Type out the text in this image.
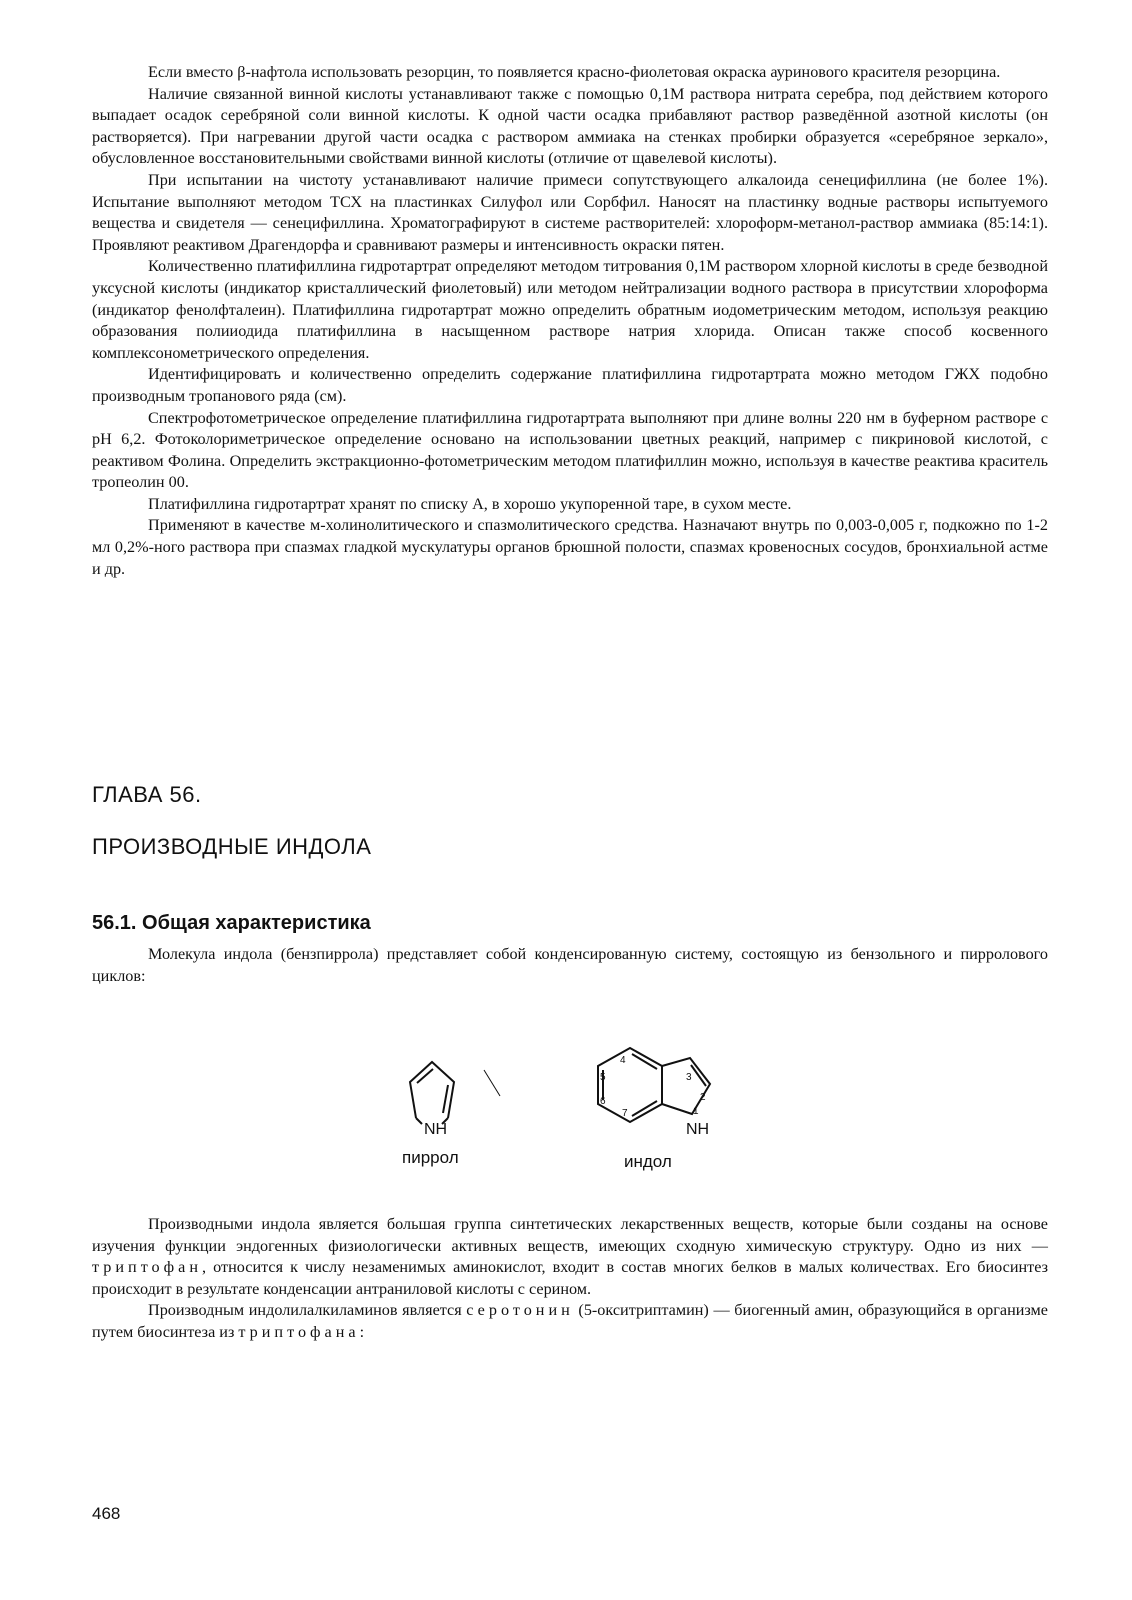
Если вместо β-нафтола использовать резорцин, то появляется красно-фиолетовая окраска ауринового красителя резорцина.

Наличие связанной винной кислоты устанавливают также с помощью 0,1М раствора нитрата серебра, под действием которого выпадает осадок серебряной соли винной кислоты. К одной части осадка прибавляют раствор разведённой азотной кислоты (он растворяется). При нагревании другой части осадка с раствором аммиака на стенках пробирки образуется «серебряное зеркало», обусловленное восстановительными свойствами винной кислоты (отличие от щавелевой кислоты).

При испытании на чистоту устанавливают наличие примеси сопутствующего алкалоида сенецифиллина (не более 1%). Испытание выполняют методом ТСХ на пластинках Силуфол или Сорбфил. Наносят на пластинку водные растворы испытуемого вещества и свидетеля — сенецифиллина. Хроматографируют в системе растворителей: хлороформ-метанол-раствор аммиака (85:14:1). Проявляют реактивом Драгендорфа и сравнивают размеры и интенсивность окраски пятен.

Количественно платифиллина гидротартрат определяют методом титрования 0,1М раствором хлорной кислоты в среде безводной уксусной кислоты (индикатор кристаллический фиолетовый) или методом нейтрализации водного раствора в присутствии хлороформа (индикатор фенолфталеин). Платифиллина гидротартрат можно определить обратным иодометрическим методом, используя реакцию образования полииодида платифиллина в насыщенном растворе натрия хлорида. Описан также способ косвенного комплексонометрического определения.

Идентифицировать и количественно определить содержание платифиллина гидротартрата можно методом ГЖХ подобно производным тропанового ряда (см).

Спектрофотометрическое определение платифиллина гидротартрата выполняют при длине волны 220 нм в буферном растворе с pH 6,2. Фотоколориметрическое определение основано на использовании цветных реакций, например с пикриновой кислотой, с реактивом Фолина. Определить экстракционно-фотометрическим методом платифиллин можно, используя в качестве реактива краситель тропеолин 00.

Платифиллина гидротартрат хранят по списку А, в хорошо укупоренной таре, в сухом месте.

Применяют в качестве м-холинолитического и спазмолитического средства. Назначают внутрь по 0,003-0,005 г, подкожно по 1-2 мл 0,2%-ного раствора при спазмах гладкой мускулатуры органов брюшной полости, спазмах кровеносных сосудов, бронхиальной астме и др.

ГЛАВА 56.
ПРОИЗВОДНЫЕ ИНДОЛА
56.1. Общая характеристика

Молекула индола (бензпиррола) представляет собой конденсированную систему, состоящую из бензольного и пирролового циклов:

NH	NH
1
2
3
4
5
6
7
пиррол	индол

Производными индола является большая группа синтетических лекарственных веществ, которые были созданы на основе изучения функции эндогенных физиологически активных веществ, имеющих сходную химическую структуру. Одно из них — триптофан, относится к числу незаменимых аминокислот, входит в состав многих белков в малых количествах. Его биосинтез происходит в результате конденсации антраниловой кислоты с серином.

Производным индолилалкиламинов является серотонин (5-окситриптамин) — биогенный амин, образующийся в организме путем биосинтеза из триптофана:

468
